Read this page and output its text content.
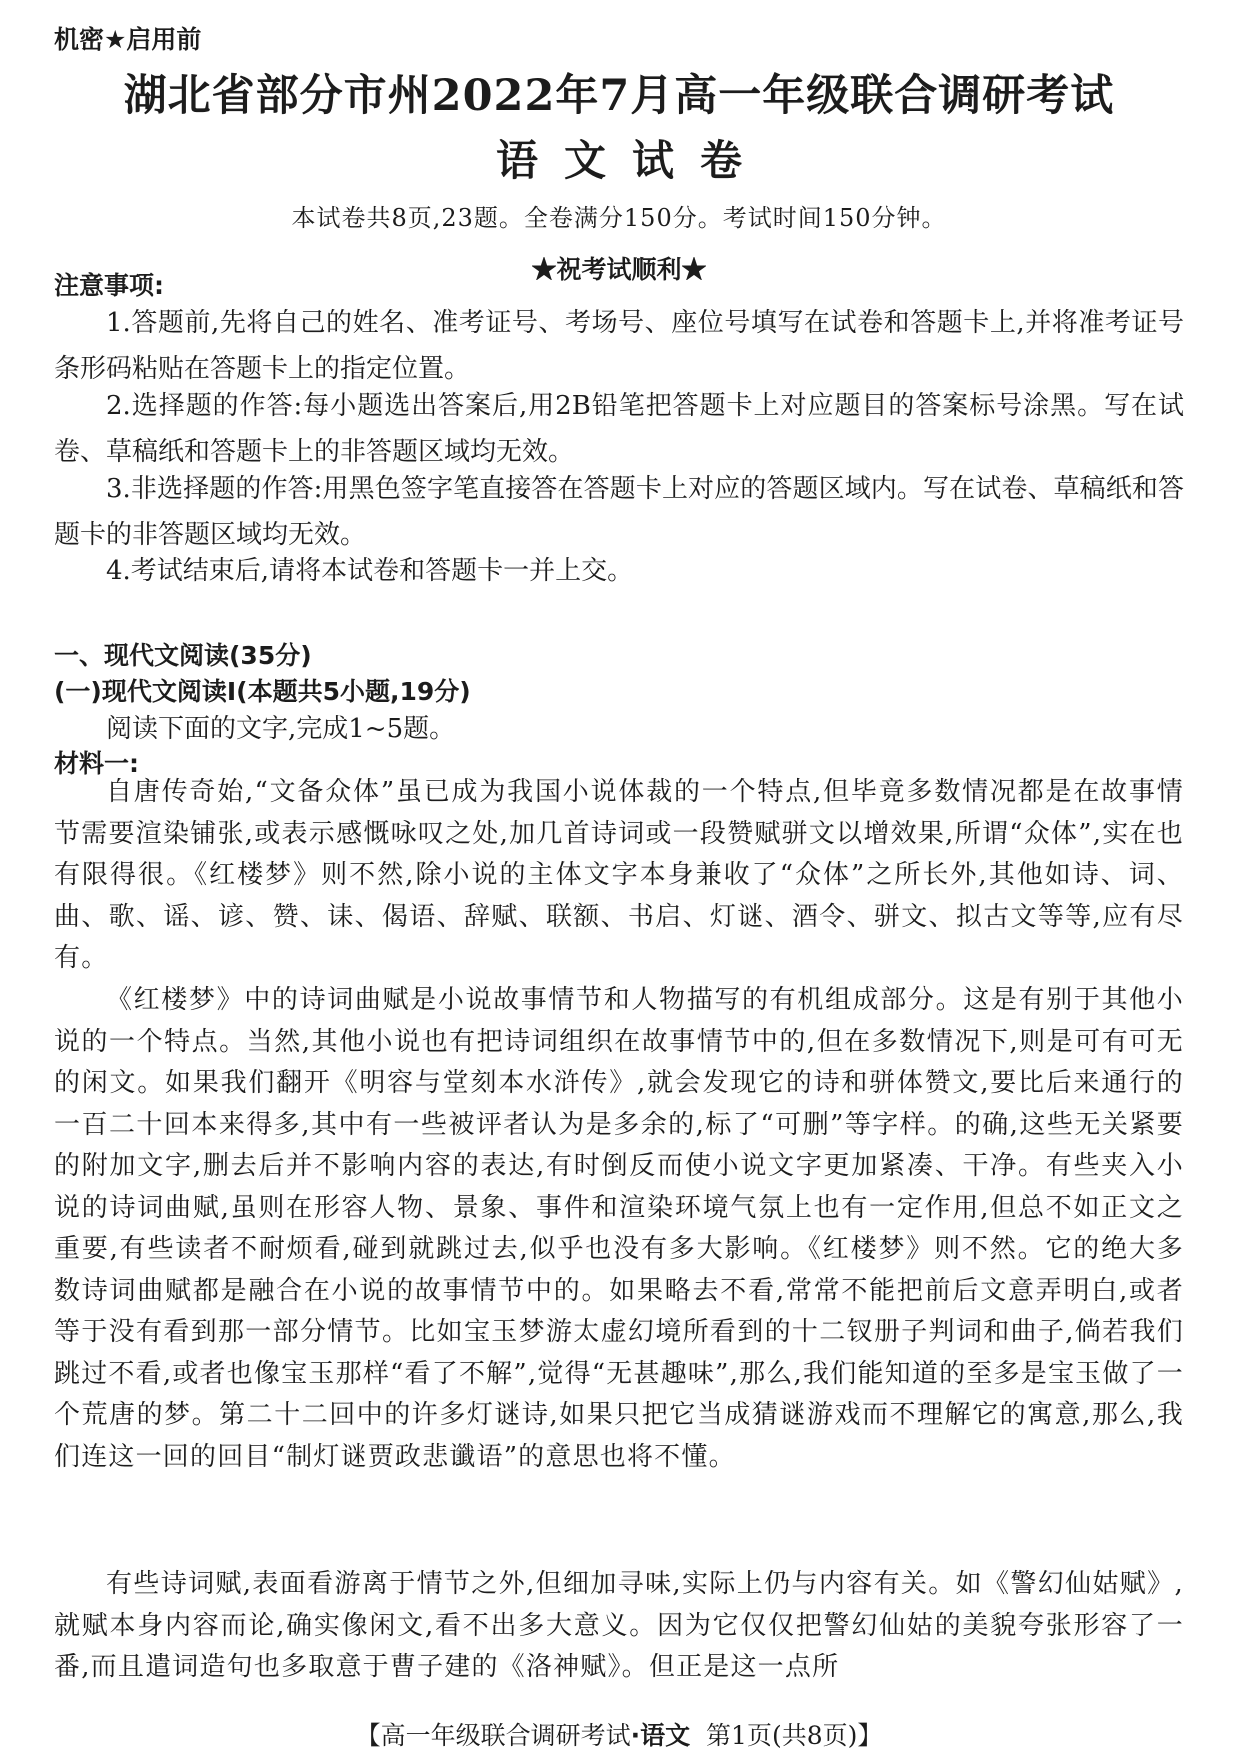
机密★启用前
湖北省部分市州2022年7月高一年级联合调研考试
语文试卷
本试卷共8页,23题。全卷满分150分。考试时间150分钟。
★祝考试顺利★
注意事项:

1.答题前,先将自己的姓名、准考证号、考场号、座位号填写在试卷和答题卡上,并将准考证号条形码粘贴在答题卡上的指定位置。

2.选择题的作答:每小题选出答案后,用2B铅笔把答题卡上对应题目的答案标号涂黑。写在试卷、草稿纸和答题卡上的非答题区域均无效。

3.非选择题的作答:用黑色签字笔直接答在答题卡上对应的答题区域内。写在试卷、草稿纸和答题卡的非答题区域均无效。

4.考试结束后,请将本试卷和答题卡一并上交。

一、现代文阅读(35分)
(一)现代文阅读Ⅰ(本题共5小题,19分)
阅读下面的文字,完成1~5题。
材料一:

自唐传奇始,“文备众体”虽已成为我国小说体裁的一个特点,但毕竟多数情况都是在故事情节需要渲染铺张,或表示感慨咏叹之处,加几首诗词或一段赞赋骈文以增效果,所谓“众体”,实在也有限得很。《红楼梦》则不然,除小说的主体文字本身兼收了“众体”之所长外,其他如诗、词、曲、歌、谣、谚、赞、诔、偈语、辞赋、联额、书启、灯谜、酒令、骈文、拟古文等等,应有尽有。

《红楼梦》中的诗词曲赋是小说故事情节和人物描写的有机组成部分。这是有别于其他小说的一个特点。当然,其他小说也有把诗词组织在故事情节中的,但在多数情况下,则是可有可无的闲文。如果我们翻开《明容与堂刻本水浒传》,就会发现它的诗和骈体赞文,要比后来通行的一百二十回本来得多,其中有一些被评者认为是多余的,标了“可删”等字样。的确,这些无关紧要的附加文字,删去后并不影响内容的表达,有时倒反而使小说文字更加紧凑、干净。有些夹入小说的诗词曲赋,虽则在形容人物、景象、事件和渲染环境气氛上也有一定作用,但总不如正文之重要,有些读者不耐烦看,碰到就跳过去,似乎也没有多大影响。《红楼梦》则不然。它的绝大多数诗词曲赋都是融合在小说的故事情节中的。如果略去不看,常常不能把前后文意弄明白,或者等于没有看到那一部分情节。比如宝玉梦游太虚幻境所看到的十二钗册子判词和曲子,倘若我们跳过不看,或者也像宝玉那样“看了不解”,觉得“无甚趣味”,那么,我们能知道的至多是宝玉做了一个荒唐的梦。第二十二回中的许多灯谜诗,如果只把它当成猜谜游戏而不理解它的寓意,那么,我们连这一回的回目“制灯谜贾政悲谶语”的意思也将不懂。

有些诗词赋,表面看游离于情节之外,但细加寻味,实际上仍与内容有关。如《警幻仙姑赋》,就赋本身内容而论,确实像闲文,看不出多大意义。因为它仅仅把警幻仙姑的美貌夸张形容了一番,而且遣词造句也多取意于曹子建的《洛神赋》。但正是这一点所

【高一年级联合调研考试·语文 第1页(共8页)】
